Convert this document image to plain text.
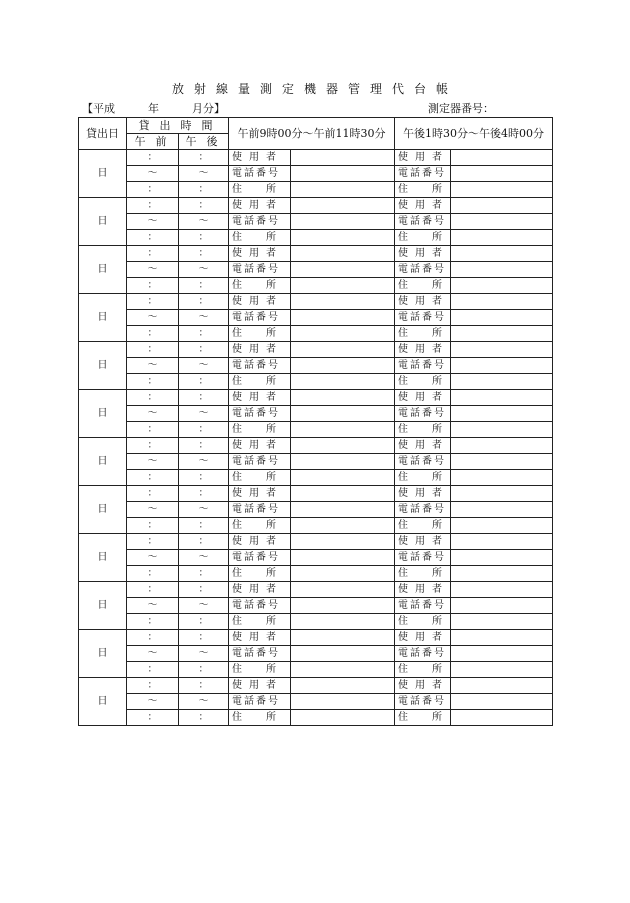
放射線量測定機器管理代台帳
【平成　　　年　　　月分】	測定器番号：
貸出日	貸出時間		午前9時00分～午前11時30分		午後1時30分～午後4時00分	
	午前	午後				
日	：	：	使用者		使用者	
	～	～	電話番号		電話番号	
	：	：	住所		住所	
日	：	：	使用者		使用者	
	～	～	電話番号		電話番号	
	：	：	住所		住所	
日	：	：	使用者		使用者	
	～	～	電話番号		電話番号	
	：	：	住所		住所	
日	：	：	使用者		使用者	
	～	～	電話番号		電話番号	
	：	：	住所		住所	
日	：	：	使用者		使用者	
	～	～	電話番号		電話番号	
	：	：	住所		住所	
日	：	：	使用者		使用者	
	～	～	電話番号		電話番号	
	：	：	住所		住所	
日	：	：	使用者		使用者	
	～	～	電話番号		電話番号	
	：	：	住所		住所	
日	：	：	使用者		使用者	
	～	～	電話番号		電話番号	
	：	：	住所		住所	
日	：	：	使用者		使用者	
	～	～	電話番号		電話番号	
	：	：	住所		住所	
日	：	：	使用者		使用者	
	～	～	電話番号		電話番号	
	：	：	住所		住所	
日	：	：	使用者		使用者	
	～	～	電話番号		電話番号	
	：	：	住所		住所	
日	：	：	使用者		使用者	
	～	～	電話番号		電話番号	
	：	：	住所		住所	
